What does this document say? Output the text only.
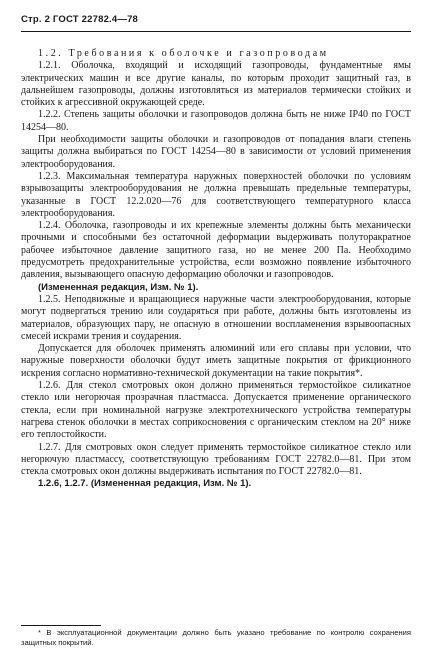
Стр. 2 ГОСТ 22782.4—78

1.2. Требования к оболочке и газопроводам

1.2.1. Оболочка, входящий и исходящий газопроводы, фундаментные ямы электрических машин и все другие каналы, по которым проходит защитный газ, в дальнейшем газопроводы, должны изготовляться из материалов термически стойких и стойких к агрессивной окружающей среде.

1.2.2. Степень защиты оболочки и газопроводов должна быть не ниже IP40 по ГОСТ 14254—80.

При необходимости защиты оболочки и газопроводов от попадания влаги степень защиты должна выбираться по ГОСТ 14254—80 в зависимости от условий применения электрооборудования.

1.2.3. Максимальная температура наружных поверхностей оболочки по условиям взрывозащиты электрооборудования не должна превышать предельные температуры, указанные в ГОСТ 12.2.020—76 для соответствующего температурного класса электрооборудования.

1.2.4. Оболочка, газопроводы и их крепежные элементы должны быть механически прочными и способными без остаточной деформации выдерживать полуторакратное рабочее избыточное давление защитного газа, но не менее 200 Па. Необходимо предусмотреть предохранительные устройства, если возможно появление избыточного давления, вызывающего опасную деформацию оболочки и газопроводов.

(Измененная редакция, Изм. № 1).

1.2.5. Неподвижные и вращающиеся наружные части электрооборудования, которые могут подвергаться трению или соударяться при работе, должны быть изготовлены из материалов, образующих пару, не опасную в отношении воспламенения взрывоопасных смесей искрами трения и соударения.

Допускается для оболочек применять алюминий или его сплавы при условии, что наружные поверхности оболочки будут иметь защитные покрытия от фрикционного искрения согласно нормативно-технической документации на такие покрытия*.

1.2.6. Для стекол смотровых окон должно применяться термостойкое силикатное стекло или негорючая прозрачная пластмасса. Допускается применение органического стекла, если при номинальной нагрузке электротехнического устройства температуры нагрева стенок оболочки в местах соприкосновения с органическим стеклом на 20° ниже его теплостойкости.

1.2.7. Для смотровых окон следует применять термостойкое силикатное стекло или негорючую пластмассу, соответствующую требованиям ГОСТ 22782.0—81. При этом стекла смотровых окон должны выдерживать испытания по ГОСТ 22782.0—81.

1.2.6, 1.2.7. (Измененная редакция, Изм. № 1).

* В эксплуатационной документации должно быть указано требование по контролю сохранения защитных покрытий.
